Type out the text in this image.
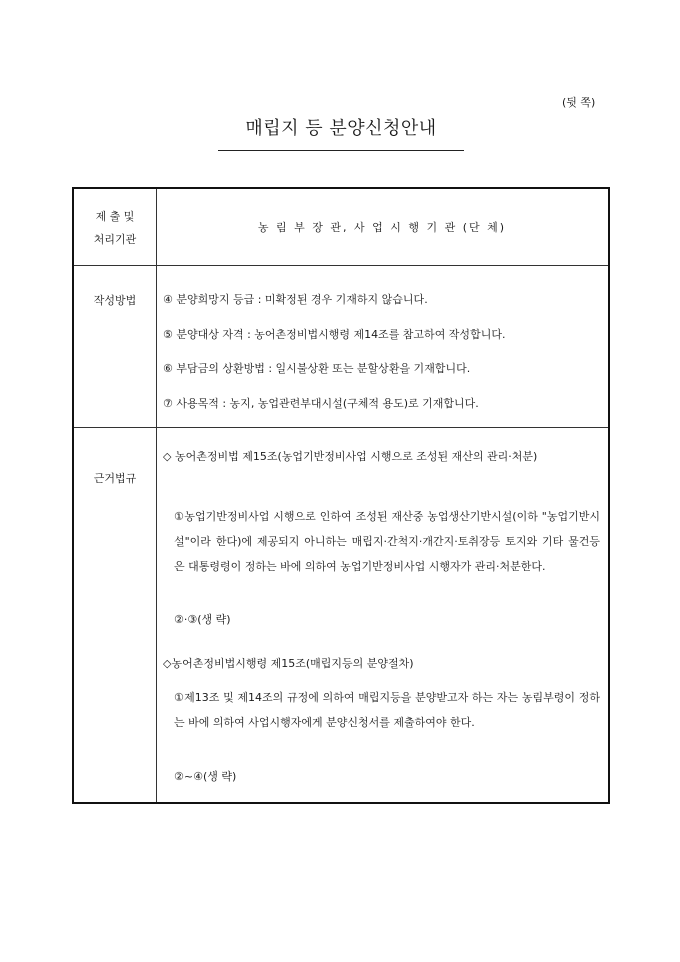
(뒷 쪽)
매립지 등 분양신청안내
제 출 및
처리기관
농 림 부 장 관, 사 업 시 행 기 관 (단 체)
작성방법	④ 분양희망지 등급 : 미확정된 경우 기재하지 않습니다.
⑤ 분양대상 자격 : 농어촌정비법시행령 제14조를 참고하여 작성합니다.
⑥ 부담금의 상환방법 : 일시불상환 또는 분할상환을 기재합니다.
⑦ 사용목적 : 농지, 농업관련부대시설(구체적 용도)로 기재합니다.
근거법규
◇ 농어촌정비법 제15조(농업기반정비사업 시행으로 조성된 재산의 관리·처분)
①농업기반정비사업 시행으로 인하여 조성된 재산중 농업생산기반시설(이하 "농업기반시설"이라 한다)에 제공되지 아니하는 매립지·간척지·개간지·토취장등 토지와 기타 물건등은 대통령령이 정하는 바에 의하여 농업기반정비사업 시행자가 관리·처분한다.
②·③(생 략)
◇농어촌정비법시행령 제15조(매립지등의 분양절차)
①제13조 및 제14조의 규정에 의하여 매립지등을 분양받고자 하는 자는 농림부령이 정하는 바에 의하여 사업시행자에게 분양신청서를 제출하여야 한다.
②~④(생 략)
